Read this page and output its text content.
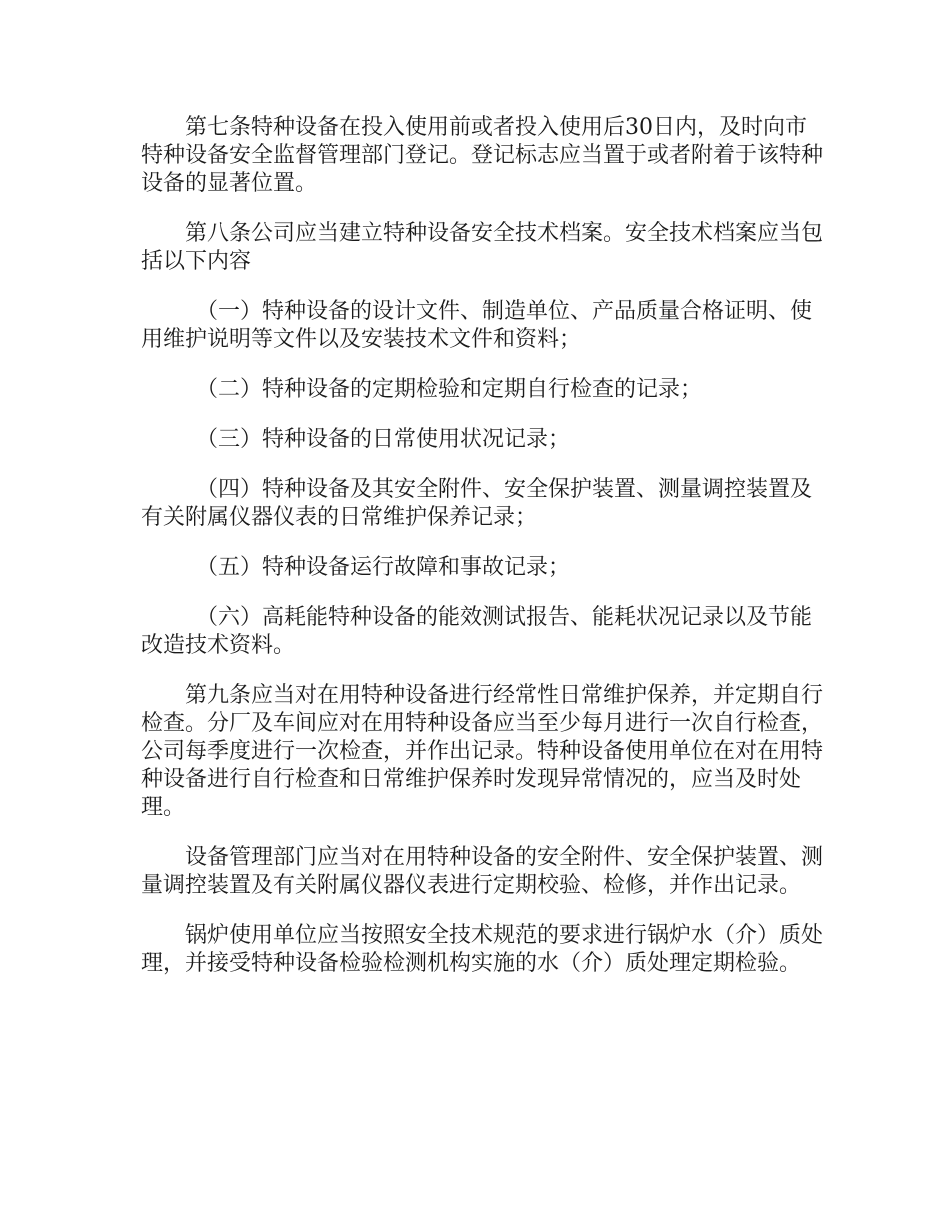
第七条特种设备在投入使用前或者投入使用后30日内，及时向市特种设备安全监督管理部门登记。登记标志应当置于或者附着于该特种设备的显著位置。

第八条公司应当建立特种设备安全技术档案。安全技术档案应当包括以下内容

（一）特种设备的设计文件、制造单位、产品质量合格证明、使用维护说明等文件以及安装技术文件和资料；

（二）特种设备的定期检验和定期自行检查的记录；

（三）特种设备的日常使用状况记录；

（四）特种设备及其安全附件、安全保护装置、测量调控装置及有关附属仪器仪表的日常维护保养记录；

（五）特种设备运行故障和事故记录；

（六）高耗能特种设备的能效测试报告、能耗状况记录以及节能改造技术资料。

第九条应当对在用特种设备进行经常性日常维护保养，并定期自行检查。分厂及车间应对在用特种设备应当至少每月进行一次自行检查，公司每季度进行一次检查，并作出记录。特种设备使用单位在对在用特种设备进行自行检查和日常维护保养时发现异常情况的，应当及时处理。

设备管理部门应当对在用特种设备的安全附件、安全保护装置、测量调控装置及有关附属仪器仪表进行定期校验、检修，并作出记录。

锅炉使用单位应当按照安全技术规范的要求进行锅炉水（介）质处理，并接受特种设备检验检测机构实施的水（介）质处理定期检验。
